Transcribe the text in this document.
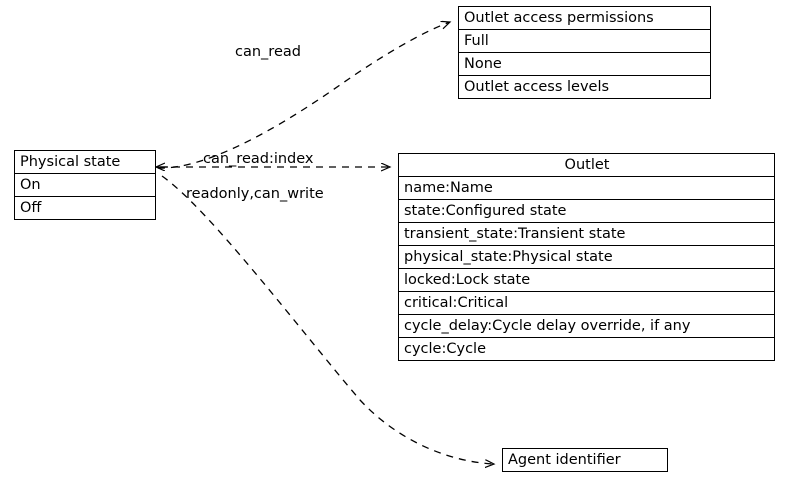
Outlet access permissions
Full
None
Outlet access levels
Physical state
On
Off
Outlet
name:Name
state:Configured state
transient_state:Transient state
physical_state:Physical state
locked:Lock state
critical:Critical
cycle_delay:Cycle delay override, if any
cycle:Cycle
Agent identifier
can_read
can_read:index
readonly,can_write
